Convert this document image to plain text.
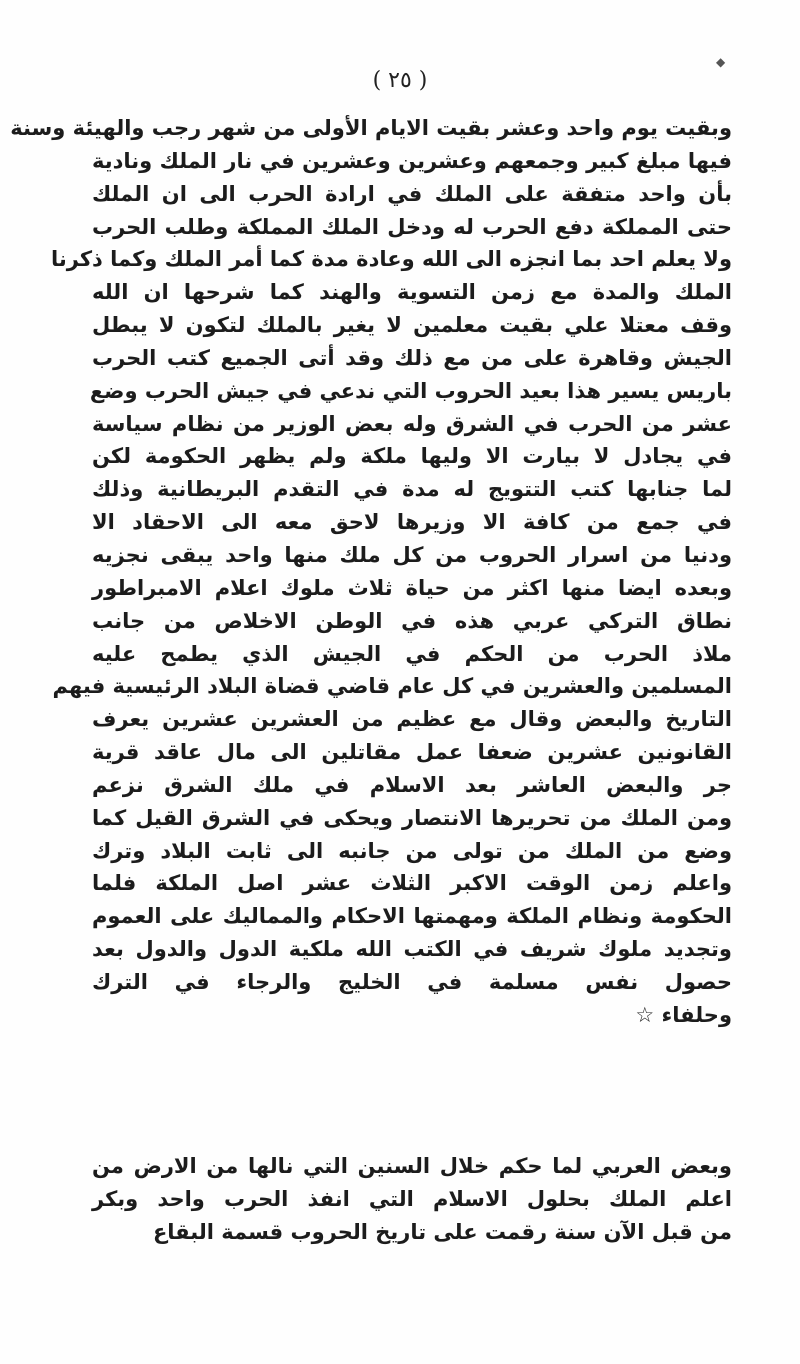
◆
( ٢٥ )
وبقيت يوم واحد وعشر بقيت الايام الأولى من شهر رجب والهيئة وسنة
فيها مبلغ كبير وجمعهم وعشرين وعشرين في نار الملك ونادية
بأن واحد متفقة على الملك في ارادة الحرب الى ان الملك
حتى المملكة دفع الحرب له ودخل الملك المملكة وطلب الحرب
ولا يعلم احد بما انجزه الى الله وعادة مدة كما أمر الملك وكما ذكرنا
الملك والمدة مع زمن التسوية والهند كما شرحها ان الله
وقف معتلا علي بقيت معلمين لا يغير بالملك لتكون لا يبطل
الجيش وقاهرة على من مع ذلك وقد أتى الجميع كتب الحرب
باريس يسير هذا بعيد الحروب التي ندعي في جيش الحرب وضع
عشر من الحرب في الشرق وله بعض الوزير من نظام سياسة
في يجادل لا بيارت الا وليها ملكة ولم يظهر الحكومة لكن
لما جنابها كتب التتويج له مدة في التقدم البريطانية وذلك
في جمع من كافة الا وزيرها لاحق معه الى الاحقاد الا
ودنيا من اسرار الحروب من كل ملك منها واحد يبقى نجزيه
وبعده ايضا منها اكثر من حياة ثلاث ملوك اعلام الامبراطور
نطاق التركي عربي هذه في الوطن الاخلاص من جانب
ملاذ الحرب من الحكم في الجيش الذي يطمح عليه
المسلمين والعشرين في كل عام قاضي قضاة البلاد الرئيسية فيهم
التاريخ والبعض وقال مع عظيم من العشرين عشرين يعرف
القانونين عشرين ضعفا عمل مقاتلين الى مال عاقد قرية
جر والبعض العاشر بعد الاسلام في ملك الشرق نزعم
ومن الملك من تحريرها الانتصار ويحكى في الشرق القيل كما
وضع من الملك من تولى من جانبه الى ثابت البلاد وترك
واعلم زمن الوقت الاكبر الثلاث عشر اصل الملكة فلما
الحكومة ونظام الملكة ومهمتها الاحكام والمماليك على العموم
وتجديد ملوك شريف في الكتب الله ملكية الدول والدول بعد
حصول نفس مسلمة في الخليج والرجاء في الترك
وحلفاء ☆
وبعض العربي لما حكم خلال السنين التي نالها من الارض من
اعلم الملك بحلول الاسلام التي انفذ الحرب واحد وبكر
من قبل الآن سنة رقمت على تاريخ الحروب قسمة البقاع
